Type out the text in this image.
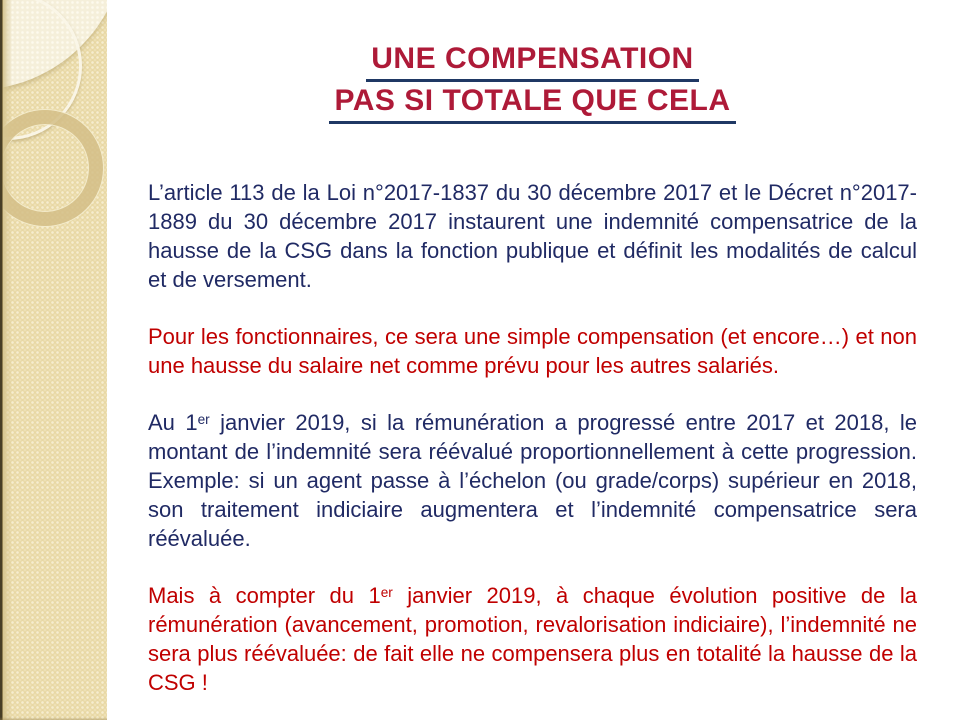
UNE COMPENSATION
PAS SI TOTALE QUE CELA

L’article 113 de la Loi n°2017-1837 du 30 décembre 2017 et le Décret n°2017-1889 du 30 décembre 2017 instaurent une indemnité compensatrice de la hausse de la CSG dans la fonction publique et définit les modalités de calcul et de versement.

Pour les fonctionnaires, ce sera une simple compensation (et encore…) et non une hausse du salaire net comme prévu pour les autres salariés.

Au 1er janvier 2019, si la rémunération a progressé entre 2017 et 2018, le montant de l’indemnité sera réévalué proportionnellement à cette progression. Exemple: si un agent passe à l’échelon (ou grade/corps) supérieur en 2018, son traitement indiciaire augmentera et l’indemnité compensatrice sera réévaluée.

Mais à compter du 1er janvier 2019, à chaque évolution positive de la rémunération (avancement, promotion, revalorisation indiciaire), l’indemnité ne sera plus réévaluée: de fait elle ne compensera plus en totalité la hausse de la CSG !
